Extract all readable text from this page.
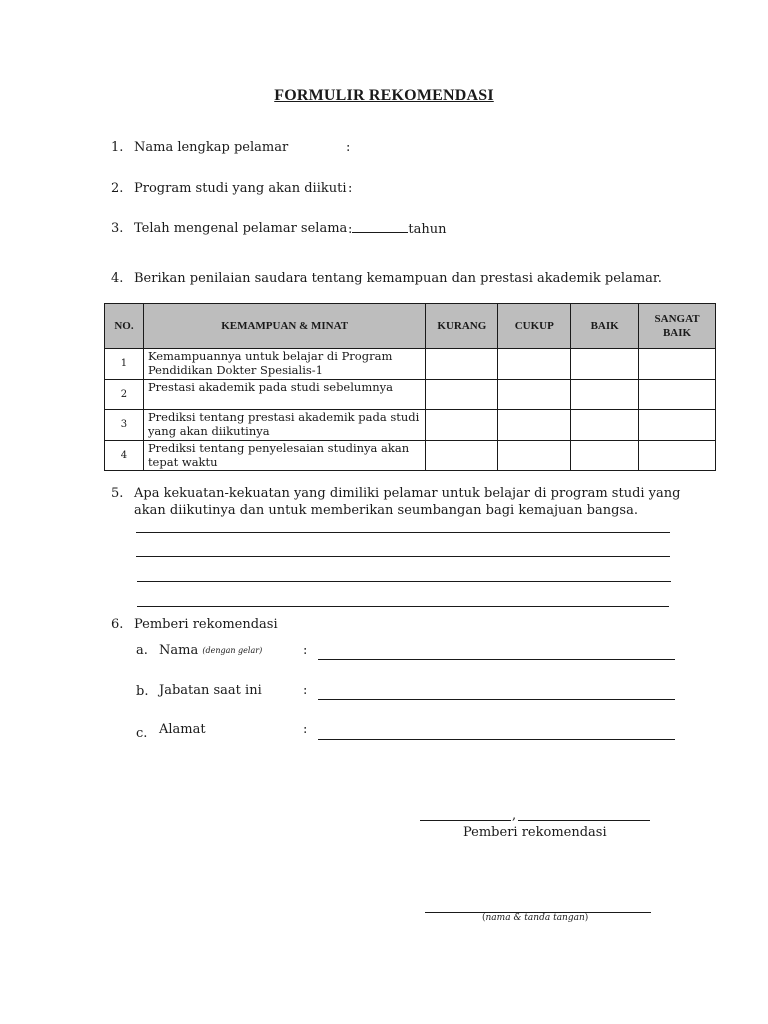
FORMULIR REKOMENDASI
1. Nama lengkap pelamar	:
2. Program studi yang akan diikuti :
3. Telah mengenal pelamar selama :	tahun
4. Berikan penilaian saudara tentang kemampuan dan prestasi akademik pelamar.
NO.	KEMAMPUAN & MINAT	KURANG	CUKUP	BAIK	SANGAT
BAIK
1	Kemampuannya untuk belajar di Program
Pendidikan Dokter Spesialis-1				
2	Prestasi akademik pada studi sebelumnya				
3	Prediksi tentang prestasi akademik pada studi
yang akan diikutinya				
4	Prediksi tentang penyelesaian studinya akan
tepat waktu				
5. Apa kekuatan-kekuatan yang dimiliki pelamar untuk belajar di program studi yang
akan diikutinya dan untuk memberikan seumbangan bagi kemajuan bangsa.
6. Pemberi rekomendasi
a. Nama $^{(dengan gelar)}$	:
b. Jabatan saat ini	:
c. Alamat	:
,
Pemberi rekomendasi
(nama & tanda tangan)
